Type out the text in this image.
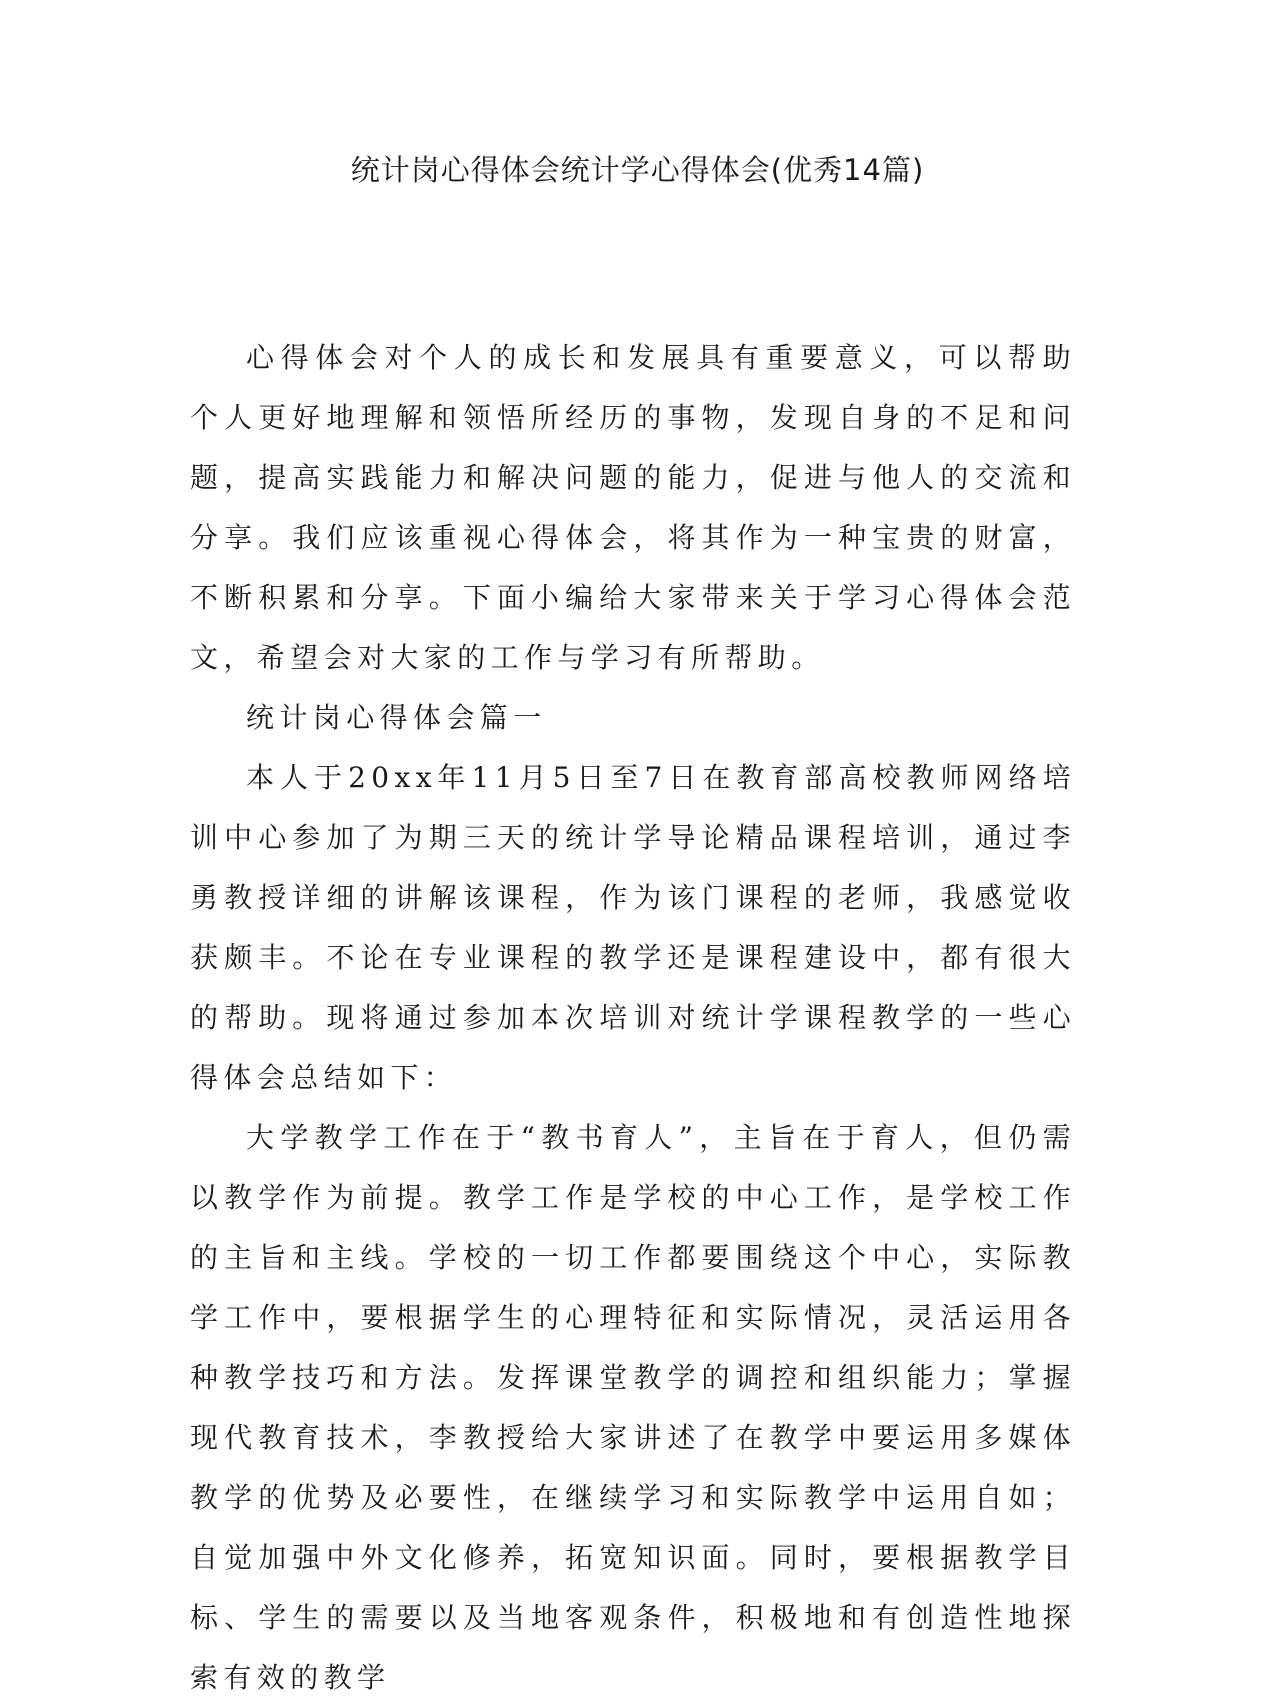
统计岗心得体会统计学心得体会(优秀14篇)

心得体会对个人的成长和发展具有重要意义，可以帮助个人更好地理解和领悟所经历的事物，发现自身的不足和问题，提高实践能力和解决问题的能力，促进与他人的交流和分享。我们应该重视心得体会，将其作为一种宝贵的财富，不断积累和分享。下面小编给大家带来关于学习心得体会范文，希望会对大家的工作与学习有所帮助。

统计岗心得体会篇一

本人于20xx年11月5日至7日在教育部高校教师网络培训中心参加了为期三天的统计学导论精品课程培训，通过李勇教授详细的讲解该课程，作为该门课程的老师，我感觉收获颇丰。不论在专业课程的教学还是课程建设中，都有很大的帮助。现将通过参加本次培训对统计学课程教学的一些心得体会总结如下：

大学教学工作在于“教书育人”，主旨在于育人，但仍需以教学作为前提。教学工作是学校的中心工作，是学校工作的主旨和主线。学校的一切工作都要围绕这个中心，实际教学工作中，要根据学生的心理特征和实际情况，灵活运用各种教学技巧和方法。发挥课堂教学的调控和组织能力；掌握现代教育技术，李教授给大家讲述了在教学中要运用多媒体教学的优势及必要性，在继续学习和实际教学中运用自如；自觉加强中外文化修养，拓宽知识面。同时，要根据教学目标、学生的需要以及当地客观条件，积极地和有创造性地探索有效的教学
